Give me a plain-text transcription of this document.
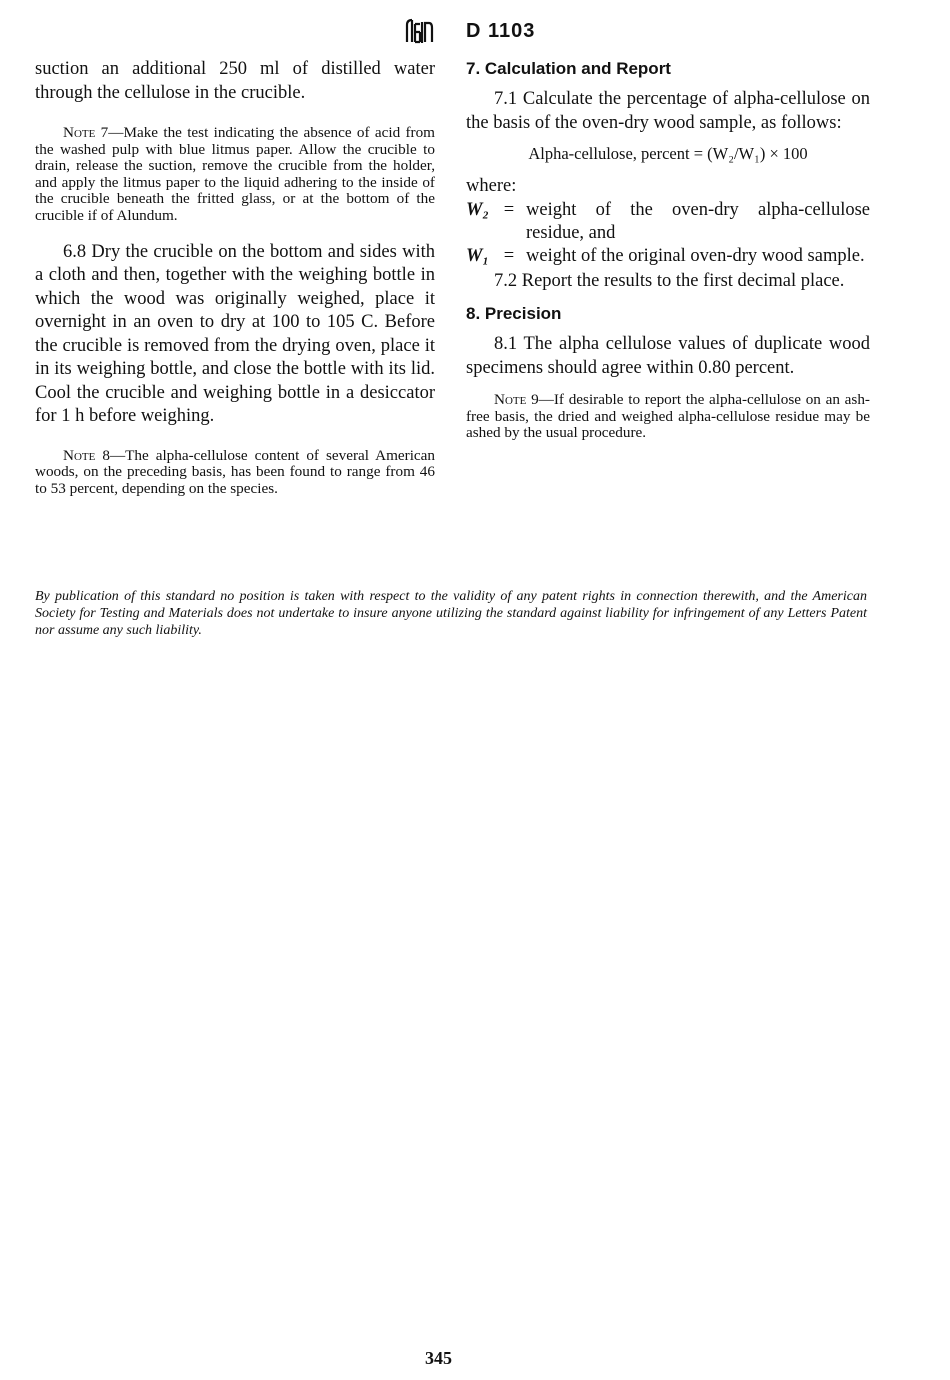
D 1103

suction an additional 250 ml of distilled water through the cellulose in the crucible.

Note 7—Make the test indicating the absence of acid from the washed pulp with blue litmus paper. Allow the crucible to drain, release the suction, remove the crucible from the holder, and apply the litmus paper to the liquid adhering to the inside of the crucible beneath the fritted glass, or at the bottom of the crucible if of Alundum.

6.8 Dry the crucible on the bottom and sides with a cloth and then, together with the weighing bottle in which the wood was originally weighed, place it overnight in an oven to dry at 100 to 105 C. Before the crucible is removed from the drying oven, place it in its weighing bottle, and close the bottle with its lid. Cool the crucible and weighing bottle in a desiccator for 1 h before weighing.

Note 8—The alpha-cellulose content of several American woods, on the preceding basis, has been found to range from 46 to 53 percent, depending on the species.

7. Calculation and Report

7.1 Calculate the percentage of alpha-cellulose on the basis of the oven-dry wood sample, as follows:

Alpha-cellulose, percent = (W₂/W₁) × 100

where:

W₂	=	weight of the oven-dry alpha-cellulose residue, and
W₁	=	weight of the original oven-dry wood sample.

7.2 Report the results to the first decimal place.

8. Precision

8.1 The alpha cellulose values of duplicate wood specimens should agree within 0.80 percent.

Note 9—If desirable to report the alpha-cellulose on an ash-free basis, the dried and weighed alpha-cellulose residue may be ashed by the usual procedure.

By publication of this standard no position is taken with respect to the validity of any patent rights in connection therewith, and the American Society for Testing and Materials does not undertake to insure anyone utilizing the standard against liability for infringement of any Letters Patent nor assume any such liability.

345
